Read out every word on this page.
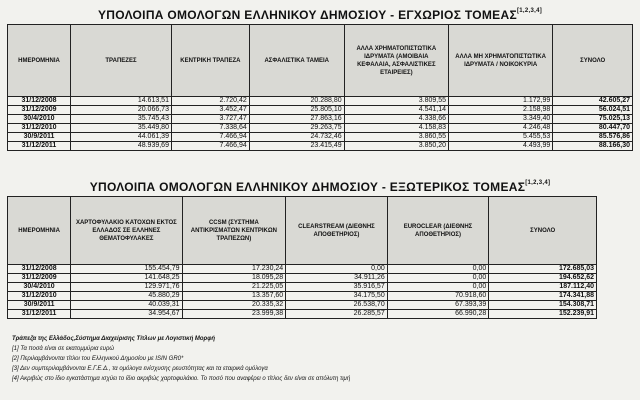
ΥΠΟΛΟΙΠΑ ΟΜΟΛΟΓΩΝ ΕΛΛΗΝΙΚΟΥ ΔΗΜΟΣΙΟΥ - ΕΓΧΩΡΙΟΣ ΤΟΜΕΑΣ[1,2,3,4]
ΗΜΕΡΟΜΗΝΙΑ	ΤΡΑΠΕΖΕΣ	ΚΕΝΤΡΙΚΗ ΤΡΑΠΕΖΑ	ΑΣΦΑΛΙΣΤΙΚΑ ΤΑΜΕΙΑ	ΑΛΛΑ ΧΡΗΜΑΤΟΠΙΣΤΩΤΙΚΑ ΙΔΡΥΜΑΤΑ (ΑΜΟΙΒΑΙΑ ΚΕΦΑΛΑΙΑ, ΑΣΦΑΛΙΣΤΙΚΕΣ ΕΤΑΙΡΕΙΕΣ)	ΑΛΛΑ ΜΗ ΧΡΗΜΑΤΟΠΙΣΤΩΤΙΚΑ ΙΔΡΥΜΑΤΑ / ΝΟΙΚΟΚΥΡΙΑ	ΣΥΝΟΛΟ
31/12/2008	14.613,51	2.720,42	20.288,80	3.809,55	1.172,99	42.605,27
31/12/2009	20.066,73	3.452,47	25.805,10	4.541,14	2.158,98	56.024,51
30/4/2010	35.745,43	3.727,47	27.863,16	4.338,66	3.349,40	75.025,13
31/12/2010	35.449,80	7.338,64	29.263,75	4.158,83	4.246,48	80.447,70
30/9/2011	44.061,39	7.466,94	24.732,46	3.860,55	5.455,53	85.576,86
31/12/2011	48.939,69	7.466,94	23.415,49	3.850,20	4.493,99	88.166,30
ΥΠΟΛΟΙΠΑ ΟΜΟΛΟΓΩΝ ΕΛΛΗΝΙΚΟΥ ΔΗΜΟΣΙΟΥ - ΕΞΩΤΕΡΙΚΟΣ ΤΟΜΕΑΣ[1,2,3,4]
ΗΜΕΡΟΜΗΝΙΑ	ΧΑΡΤΟΦΥΛΑΚΙΟ ΚΑΤΟΧΩΝ ΕΚΤΟΣ ΕΛΛΑΔΟΣ ΣΕ ΕΛΛΗΝΕΣ ΘΕΜΑΤΟΦΥΛΑΚΕΣ	CCSM (ΣΥΣΤΗΜΑ ΑΝΤΙΚΡΙΣΜΑΤΩΝ ΚΕΝΤΡΙΚΩΝ ΤΡΑΠΕΖΩΝ)	CLEARSTREAM (ΔΙΕΘΝΗΣ ΑΠΟΘΕΤΗΡΙΟΣ)	EUROCLEAR (ΔΙΕΘΝΗΣ ΑΠΟΘΕΤΗΡΙΟΣ)	ΣΥΝΟΛΟ
31/12/2008	155.454,79	17.230,24	0,00	0,00	172.685,03
31/12/2009	141.648,25	18.095,28	34.911,26	0,00	194.652,62
30/4/2010	129.971,76	21.225,05	35.916,57	0,00	187.112,40
31/12/2010	45.880,29	13.357,60	34.175,50	70.918,60	174.341,88
30/9/2011	40.039,31	20.335,32	26.538,70	67.393,39	154.308,71
31/12/2011	34.954,67	23.999,38	26.285,57	66.990,28	152.239,91
Τράπεζα της Ελλάδος,Σύστημα Διαχείρισης Τίτλων με Λογιστική Μορφή
[1] Τα ποσά είναι σε εκατομμύρια ευρώ
[2] Περιλαμβάνονται τίτλοι του Ελληνικού Δημοσίου με ISIN GR0*
[3] Δεν συμπεριλαμβάνονται Ε.Γ.Ε.Δ., τα ομόλογα ενίσχυσης ρευστότητας και τα εταιρικά ομόλογα
[4] Ακριβώς στο ίδιο εγκατάστημα ισχύει το ίδιο ακριβώς χαρτοφυλάκιο. Το ποσό που αναφέρει ο τίτλος δεν είναι σε απόλυτη τιμή
